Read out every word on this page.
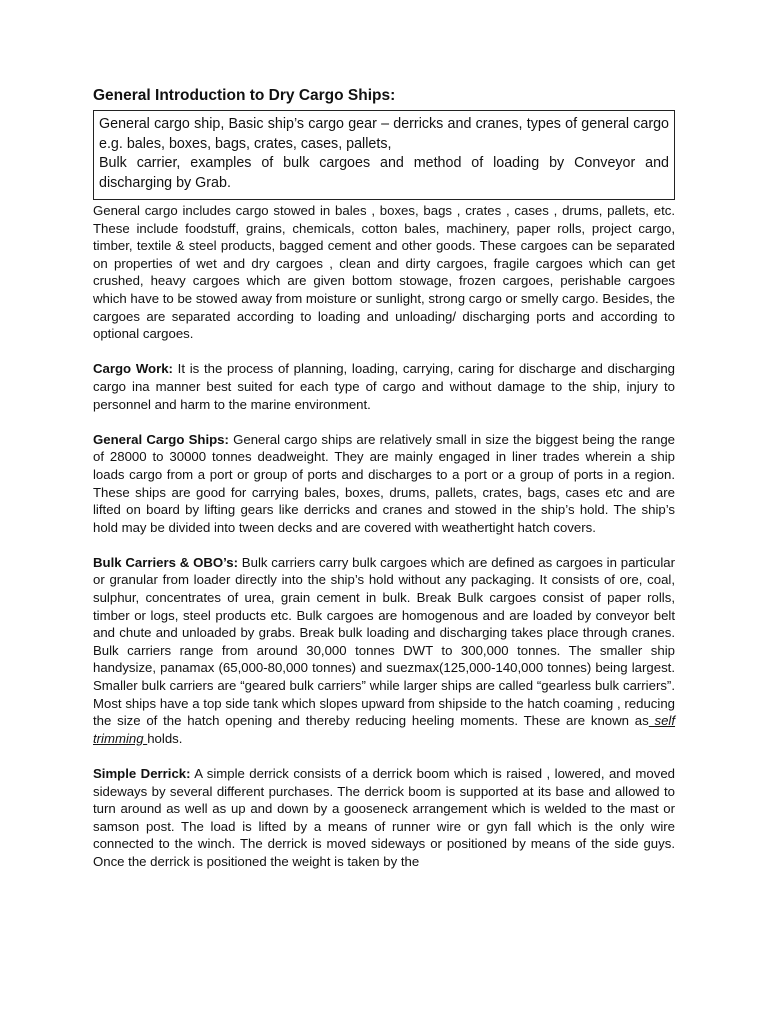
General Introduction to Dry Cargo Ships:

General cargo ship, Basic ship’s cargo gear – derricks and cranes, types of general cargo e.g. bales, boxes, bags, crates, cases, pallets,

Bulk carrier, examples of bulk cargoes and method of loading by Conveyor and discharging by Grab.

General cargo includes cargo stowed in bales , boxes, bags , crates , cases , drums, pallets, etc. These include foodstuff, grains, chemicals, cotton bales, machinery, paper rolls, project cargo, timber, textile & steel products, bagged cement and other goods. These cargoes can be separated on properties of wet and dry cargoes , clean and dirty cargoes, fragile cargoes which can get crushed, heavy cargoes which are given bottom stowage, frozen cargoes, perishable cargoes which have to be stowed away from moisture or sunlight, strong cargo or smelly cargo. Besides, the cargoes are separated according to loading and unloading/ discharging ports and according to optional cargoes.

Cargo Work: It is the process of planning, loading, carrying, caring for discharge and discharging cargo ina manner best suited for each type of cargo and without damage to the ship, injury to personnel and harm to the marine environment.

General Cargo Ships: General cargo ships are relatively small in size the biggest being the range of 28000 to 30000 tonnes deadweight. They are mainly engaged in liner trades wherein a ship loads cargo from a port or group of ports and discharges to a port or a group of ports in a region. These ships are good for carrying bales, boxes, drums, pallets, crates, bags, cases etc and are lifted on board by lifting gears like derricks and cranes and stowed in the ship’s hold. The ship’s hold may be divided into tween decks and are covered with weathertight hatch covers.

Bulk Carriers & OBO’s: Bulk carriers carry bulk cargoes which are defined as cargoes in particular or granular from loader directly into the ship’s hold without any packaging. It consists of ore, coal, sulphur, concentrates of urea, grain cement in bulk. Break Bulk cargoes consist of paper rolls, timber or logs, steel products etc. Bulk cargoes are homogenous and are loaded by conveyor belt and chute and unloaded by grabs. Break bulk loading and discharging takes place through cranes. Bulk carriers range from around 30,000 tonnes DWT to 300,000 tonnes. The smaller ship handysize, panamax (65,000-80,000 tonnes) and suezmax(125,000-140,000 tonnes) being largest. Smaller bulk carriers are “geared bulk carriers” while larger ships are called “gearless bulk carriers”. Most ships have a top side tank which slopes upward from shipside to the hatch coaming , reducing the size of the hatch opening and thereby reducing heeling moments. These are known as self trimming holds.

Simple Derrick: A simple derrick consists of a derrick boom which is raised , lowered, and moved sideways by several different purchases. The derrick boom is supported at its base and allowed to turn around as well as up and down by a gooseneck arrangement which is welded to the mast or samson post. The load is lifted by a means of runner wire or gyn fall which is the only wire connected to the winch. The derrick is moved sideways or positioned by means of the side guys. Once the derrick is positioned the weight is taken by the
